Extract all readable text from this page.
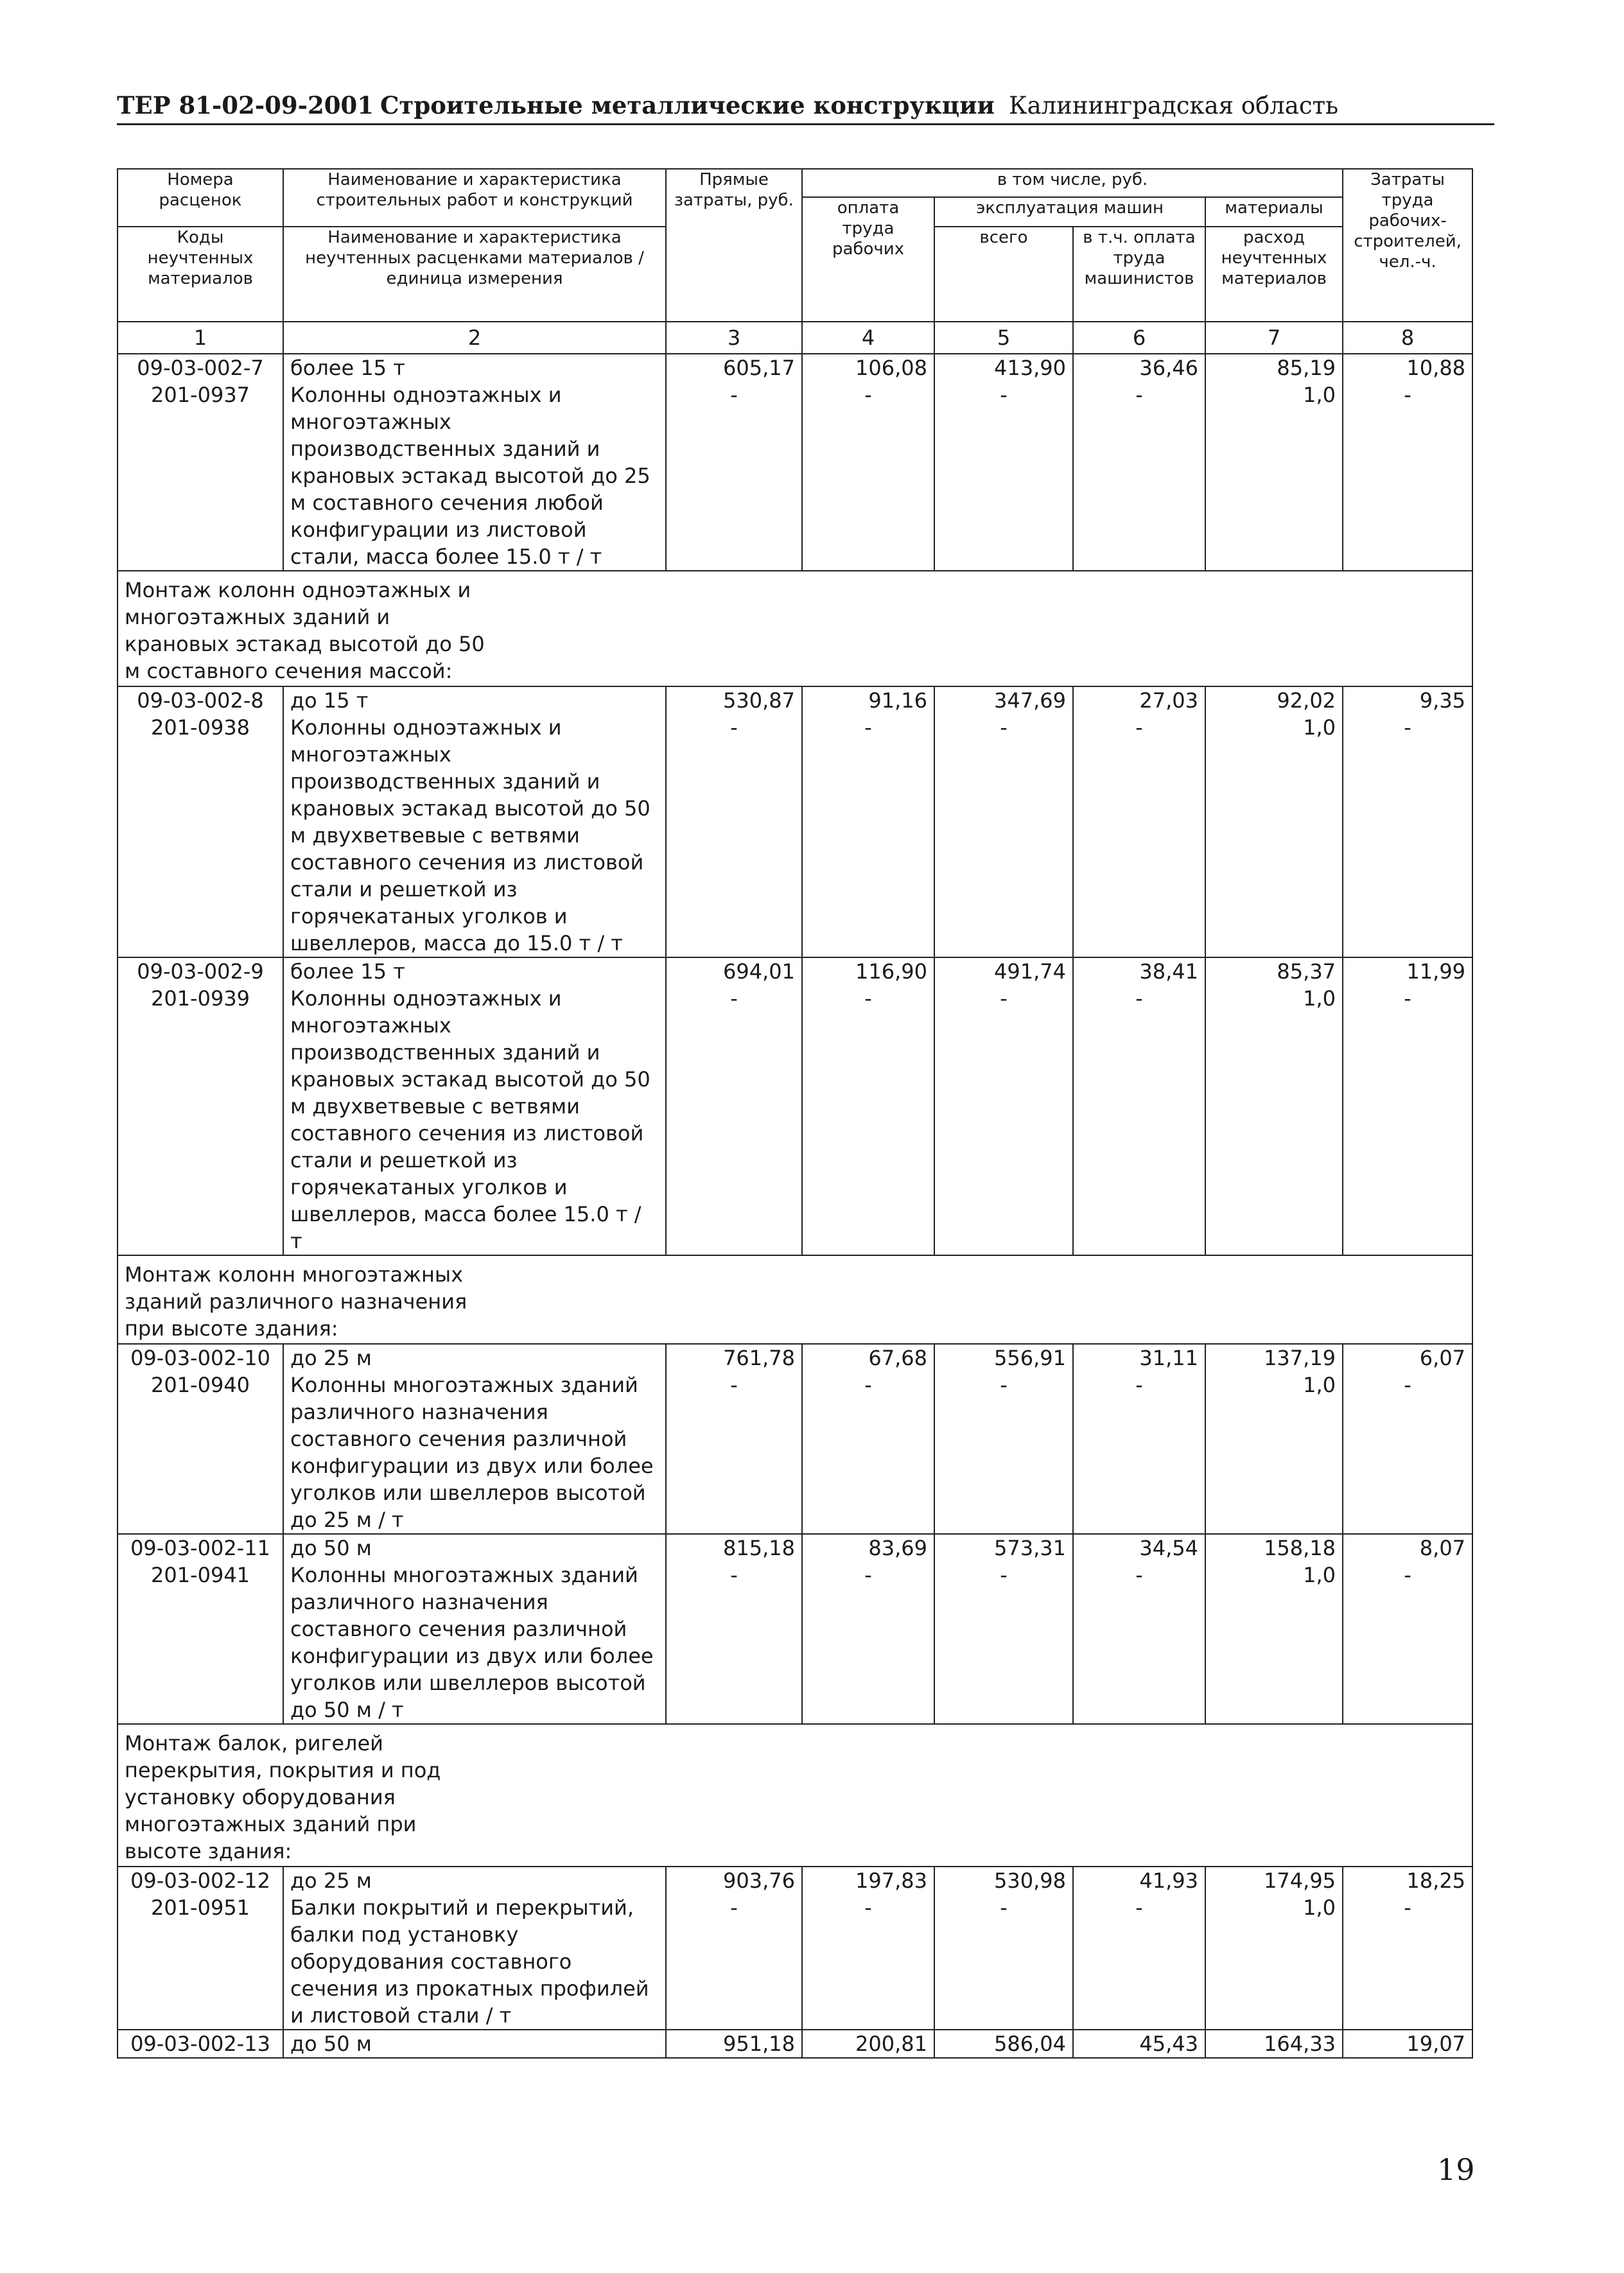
ТЕР 81-02-09-2001 Строительные металлические конструкции Калининградская область
Номера расценок	Наименование и характеристика строительных работ и конструкций	Прямые затраты, руб.	в том числе, руб.				Затраты труда рабочих-строителей, чел.-ч.
			оплата труда рабочих	эксплуатация машин		материалы	
Коды неучтенных материалов	Наименование и характеристика неучтенных расценками материалов / единица измерения			всего	в т.ч. оплата труда машинистов	расход неучтенных материалов	
1	2	3	4	5	6	7	8
09-03-002-7	более 15 т	605,17	106,08	413,90	36,46	85,19	10,88
201-0937	Колонны одноэтажных и многоэтажных производственных зданий и крановых эстакад высотой до 25 м составного сечения любой конфигурации из листовой стали, масса более 15.0 т / т	-	-	-	-	1,0	-
Монтаж колонн одноэтажных и многоэтажных зданий и крановых эстакад высотой до 50 м составного сечения массой:							
09-03-002-8	до 15 т	530,87	91,16	347,69	27,03	92,02	9,35
201-0938	Колонны одноэтажных и многоэтажных производственных зданий и крановых эстакад высотой до 50 м двухветвевые с ветвями составного сечения из листовой стали и решеткой из горячекатаных уголков и швеллеров, масса до 15.0 т / т	-	-	-	-	1,0	-
09-03-002-9	более 15 т	694,01	116,90	491,74	38,41	85,37	11,99
201-0939	Колонны одноэтажных и многоэтажных производственных зданий и крановых эстакад высотой до 50 м двухветвевые с ветвями составного сечения из листовой стали и решеткой из горячекатаных уголков и швеллеров, масса более 15.0 т / т	-	-	-	-	1,0	-
Монтаж колонн многоэтажных зданий различного назначения при высоте здания:							
09-03-002-10	до 25 м	761,78	67,68	556,91	31,11	137,19	6,07
201-0940	Колонны многоэтажных зданий различного назначения составного сечения различной конфигурации из двух или более уголков или швеллеров высотой до 25 м / т	-	-	-	-	1,0	-
09-03-002-11	до 50 м	815,18	83,69	573,31	34,54	158,18	8,07
201-0941	Колонны многоэтажных зданий различного назначения составного сечения различной конфигурации из двух или более уголков или швеллеров высотой до 50 м / т	-	-	-	-	1,0	-
Монтаж балок, ригелей перекрытия, покрытия и под установку оборудования многоэтажных зданий при высоте здания:							
09-03-002-12	до 25 м	903,76	197,83	530,98	41,93	174,95	18,25
201-0951	Балки покрытий и перекрытий, балки под установку оборудования составного сечения из прокатных профилей и листовой стали / т	-	-	-	-	1,0	-
09-03-002-13	до 50 м	951,18	200,81	586,04	45,43	164,33	19,07
19
